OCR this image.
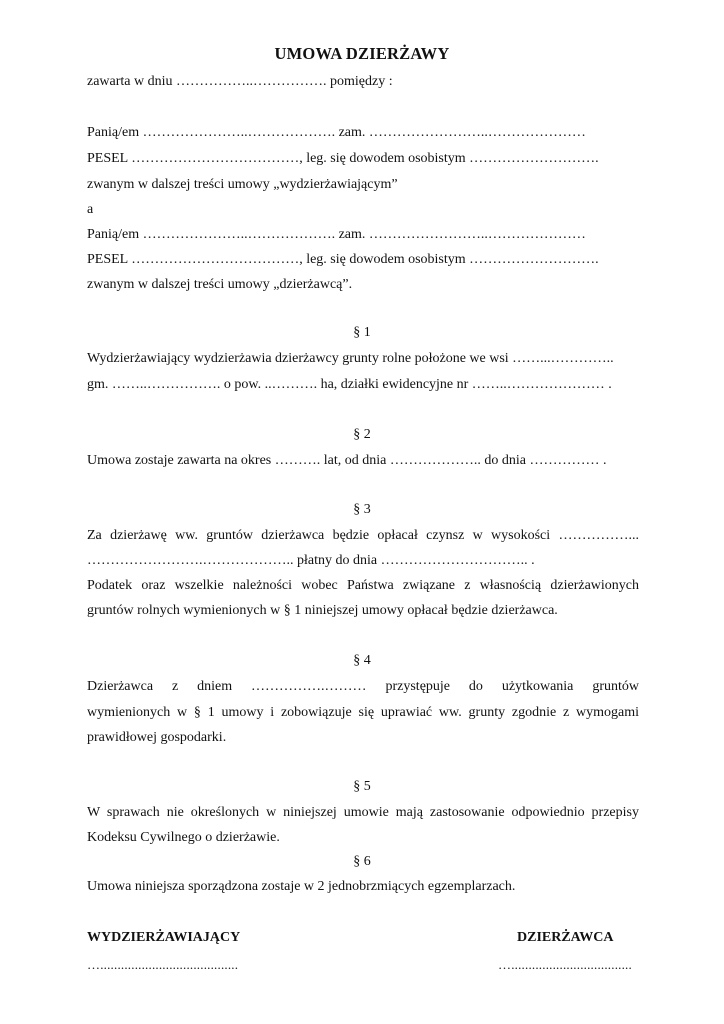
UMOWA DZIERŻAWY
zawarta w dniu ……………..……………. pomiędzy :
Panią/em …………………..………………. zam. ……………………..…………………
PESEL ………………………………, leg. się dowodem osobistym ……………………….
zwanym w dalszej treści umowy „wydzierżawiającym”
a
Panią/em …………………..………………. zam. ……………………..…………………
PESEL ………………………………, leg. się dowodem osobistym ……………………….
zwanym w dalszej treści umowy „dzierżawcą”.
§ 1
Wydzierżawiający wydzierżawia dzierżawcy grunty rolne położone we wsi ……...…………..
gm. ……..……………. o pow. ..………. ha, działki ewidencyjne nr ……..………………… .
§ 2
Umowa zostaje zawarta na okres ………. lat, od dnia ……………….. do dnia …………… .
§ 3
Za dzierżawę ww. gruntów dzierżawca będzie opłacał czynsz w wysokości ……………...
…………………….……………….. płatny do dnia ………………………….. .
Podatek oraz wszelkie należności wobec Państwa związane z własnością dzierżawionych
gruntów rolnych wymienionych w § 1 niniejszej umowy opłacał będzie dzierżawca.
§ 4
Dzierżawca z dniem …………….……… przystępuje do użytkowania gruntów
wymienionych w § 1 umowy i zobowiązuje się uprawiać ww. grunty zgodnie z wymogami
prawidłowej gospodarki.
§ 5
W sprawach nie określonych w niniejszej umowie mają zastosowanie odpowiednio przepisy
Kodeksu Cywilnego o dzierżawie.
§ 6
Umowa niniejsza sporządzona zostaje w 2 jednobrzmiących egzemplarzach.
WYDZIERŻAWIAJĄCY	DZIERŻAWCA
…........................................	…...................................
